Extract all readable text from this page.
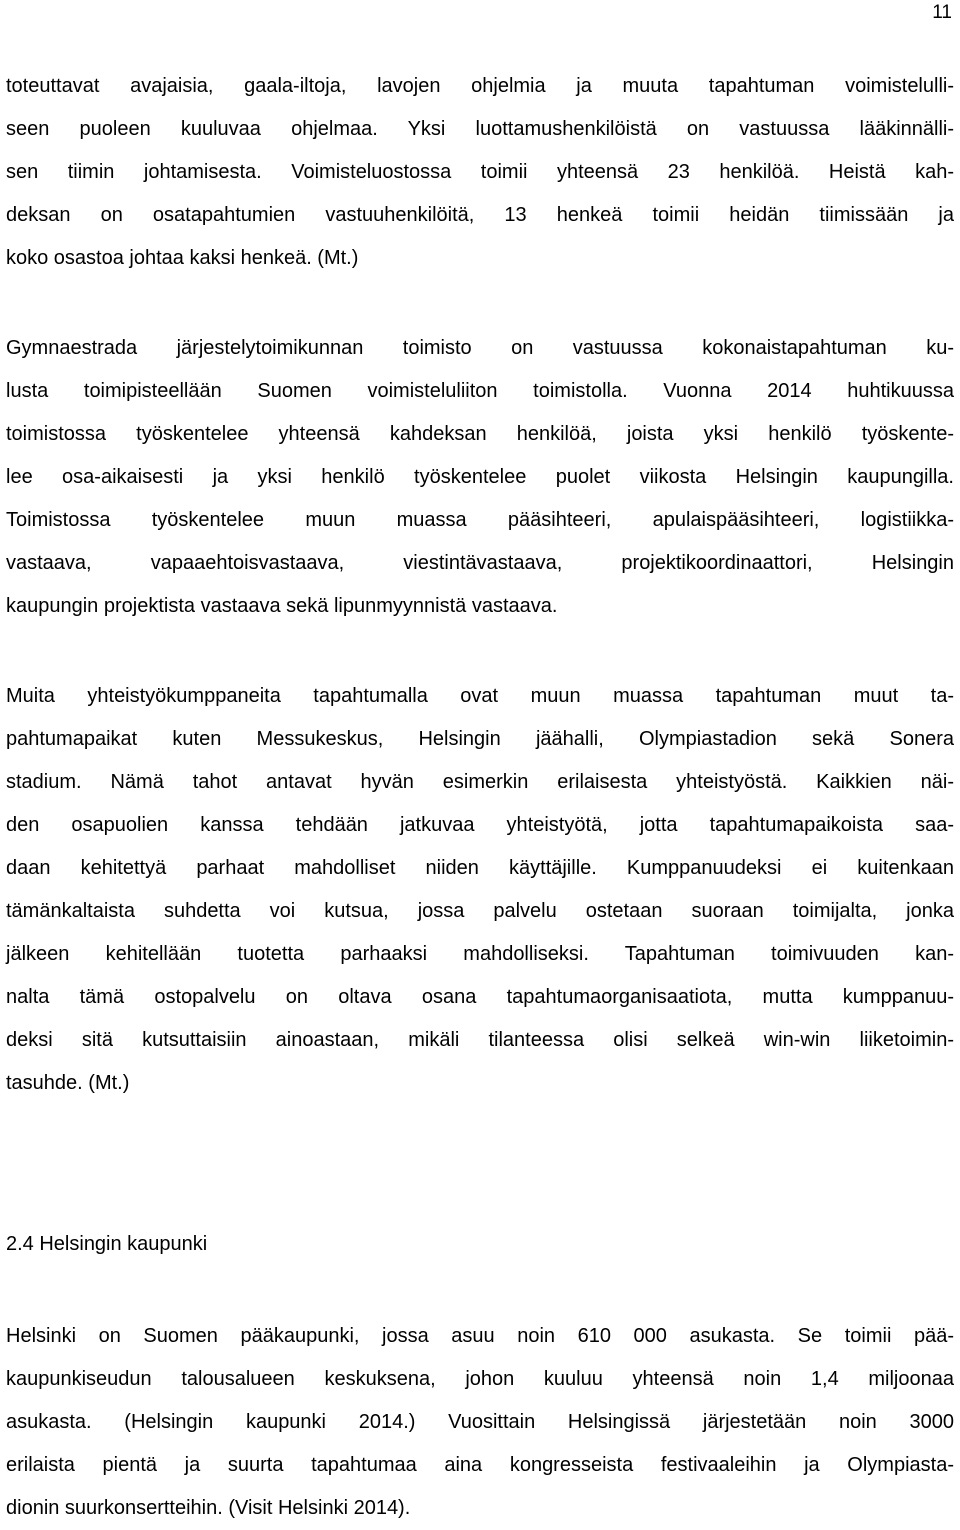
11
toteuttavat avajaisia, gaala-iltoja, lavojen ohjelmia ja muuta tapahtuman voimistelulli-
seen puoleen kuuluvaa ohjelmaa. Yksi luottamushenkilöistä on vastuussa lääkinnälli-
sen tiimin johtamisesta. Voimisteluostossa toimii yhteensä 23 henkilöä. Heistä kah-
deksan on osatapahtumien vastuuhenkilöitä, 13 henkeä toimii heidän tiimissään ja
koko osastoa johtaa kaksi henkeä. (Mt.)
Gymnaestrada järjestelytoimikunnan toimisto on vastuussa kokonaistapahtuman ku-
lusta toimipisteellään Suomen voimisteluliiton toimistolla. Vuonna 2014 huhtikuussa
toimistossa työskentelee yhteensä kahdeksan henkilöä, joista yksi henkilö työskente-
lee osa-aikaisesti ja yksi henkilö työskentelee puolet viikosta Helsingin kaupungilla.
Toimistossa työskentelee muun muassa pääsihteeri, apulaispääsihteeri, logistiikka-
vastaava, vapaaehtoisvastaava, viestintävastaava, projektikoordinaattori, Helsingin
kaupungin projektista vastaava sekä lipunmyynnistä vastaava.
Muita yhteistyökumppaneita tapahtumalla ovat muun muassa tapahtuman muut ta-
pahtumapaikat kuten Messukeskus, Helsingin jäähalli, Olympiastadion sekä Sonera
stadium. Nämä tahot antavat hyvän esimerkin erilaisesta yhteistyöstä. Kaikkien näi-
den osapuolien kanssa tehdään jatkuvaa yhteistyötä, jotta tapahtumapaikoista saa-
daan kehitettyä parhaat mahdolliset niiden käyttäjille. Kumppanuudeksi ei kuitenkaan
tämänkaltaista suhdetta voi kutsua, jossa palvelu ostetaan suoraan toimijalta, jonka
jälkeen kehitellään tuotetta parhaaksi mahdolliseksi. Tapahtuman toimivuuden kan-
nalta tämä ostopalvelu on oltava osana tapahtumaorganisaatiota, mutta kumppanuu-
deksi sitä kutsuttaisiin ainoastaan, mikäli tilanteessa olisi selkeä win-win liiketoimin-
tasuhde. (Mt.)
2.4 Helsingin kaupunki
Helsinki on Suomen pääkaupunki, jossa asuu noin 610 000 asukasta. Se toimii pää-
kaupunkiseudun talousalueen keskuksena, johon kuuluu yhteensä noin 1,4 miljoonaa
asukasta. (Helsingin kaupunki 2014.) Vuosittain Helsingissä järjestetään noin 3000
erilaista pientä ja suurta tapahtumaa aina kongresseista festivaaleihin ja Olympiasta-
dionin suurkonsertteihin. (Visit Helsinki 2014).
